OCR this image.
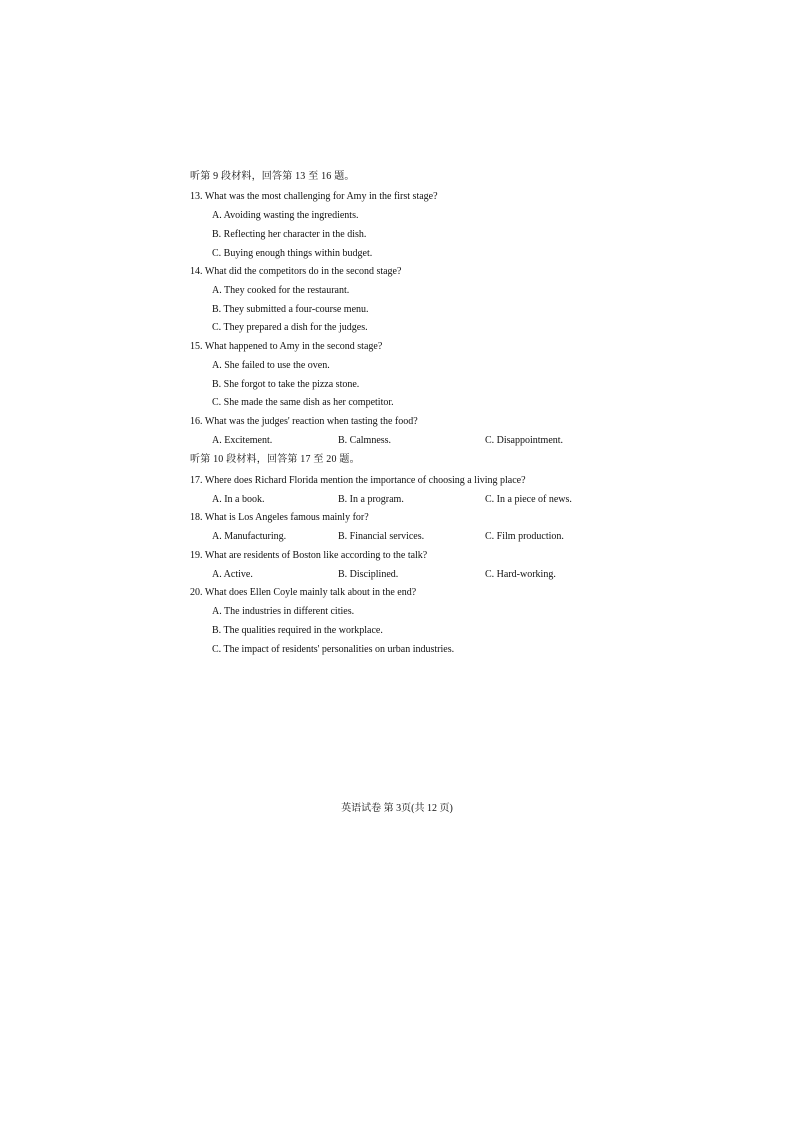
听第 9 段材料，回答第 13 至 16 题。
13. What was the most challenging for Amy in the first stage?
A. Avoiding wasting the ingredients.
B. Reflecting her character in the dish.
C. Buying enough things within budget.
14. What did the competitors do in the second stage?
A. They cooked for the restaurant.
B. They submitted a four-course menu.
C. They prepared a dish for the judges.
15. What happened to Amy in the second stage?
A. She failed to use the oven.
B. She forgot to take the pizza stone.
C. She made the same dish as her competitor.
16. What was the judges' reaction when tasting the food?
A. Excitement.	B. Calmness.	C. Disappointment.
听第 10 段材料，回答第 17 至 20 题。
17. Where does Richard Florida mention the importance of choosing a living place?
A. In a book.	B. In a program.	C. In a piece of news.
18. What is Los Angeles famous mainly for?
A. Manufacturing.	B. Financial services.	C. Film production.
19. What are residents of Boston like according to the talk?
A. Active.	B. Disciplined.	C. Hard-working.
20. What does Ellen Coyle mainly talk about in the end?
A. The industries in different cities.
B. The qualities required in the workplace.
C. The impact of residents' personalities on urban industries.
英语试卷 第 3页(共 12 页)
